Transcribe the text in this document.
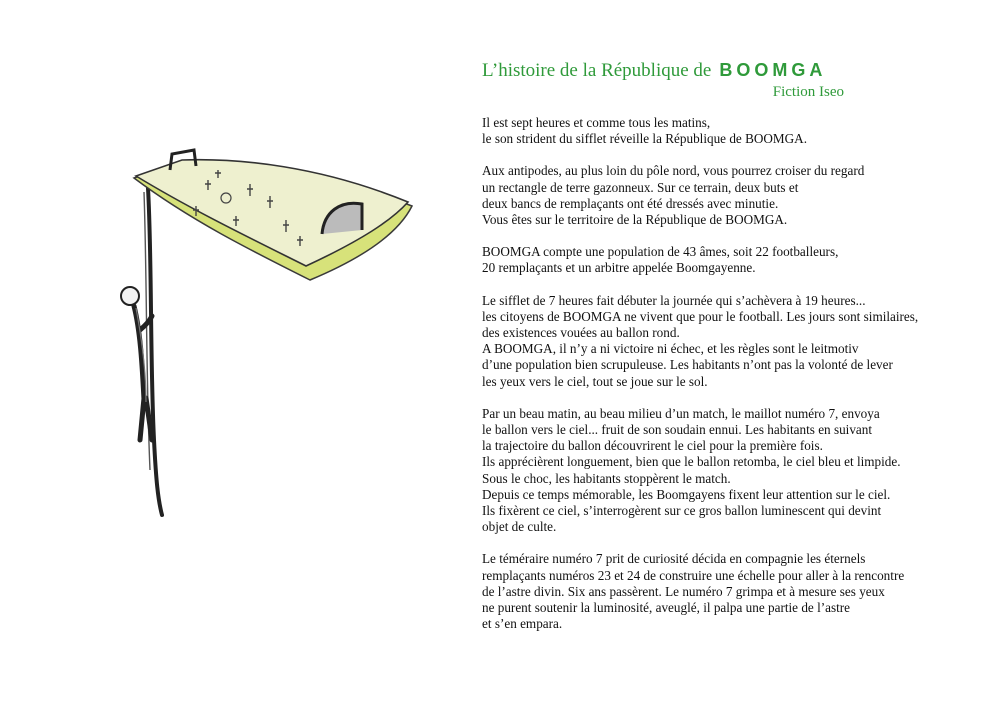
L’histoire de la République de BOOMGA
Fiction Iseo

Il est sept heures et comme tous les matins,
le son strident du sifflet réveille la République de BOOMGA.

Aux antipodes, au plus loin du pôle nord, vous pourrez croiser du regard
un rectangle de terre gazonneux. Sur ce terrain, deux buts et
deux bancs de remplaçants ont été dressés avec minutie.
Vous êtes sur le territoire de la République de BOOMGA.

BOOMGA compte une population de 43 âmes, soit 22 footballeurs,
20 remplaçants et un arbitre appelée Boomgayenne.

Le sifflet de 7 heures fait débuter la journée qui s’achèvera à 19 heures...
les citoyens de BOOMGA ne vivent que pour le football. Les jours sont similaires,
des existences vouées au ballon rond.
A BOOMGA, il n’y a ni victoire ni échec, et les règles sont le leitmotiv
d’une population bien scrupuleuse. Les habitants n’ont pas la volonté de lever
les yeux vers le ciel, tout se joue sur le sol.

Par un beau matin, au beau milieu d’un match, le maillot numéro 7, envoya
le ballon vers le ciel... fruit de son soudain ennui. Les habitants en suivant
la trajectoire du ballon découvrirent le ciel pour la première fois.
Ils apprécièrent longuement, bien que le ballon retomba, le ciel bleu et limpide.
Sous le choc, les habitants stoppèrent le match.
Depuis ce temps mémorable, les Boomgayens fixent leur attention sur le ciel.
Ils fixèrent ce ciel, s’interrogèrent sur ce gros ballon luminescent qui devint
objet de culte.

Le téméraire numéro 7 prit de curiosité décida en compagnie les éternels
remplaçants numéros 23 et 24 de construire une échelle pour aller à la rencontre
de l’astre divin. Six ans passèrent. Le numéro 7 grimpa et à mesure ses yeux
ne purent soutenir la luminosité, aveuglé, il palpa une partie de l’astre
et s’en empara.
